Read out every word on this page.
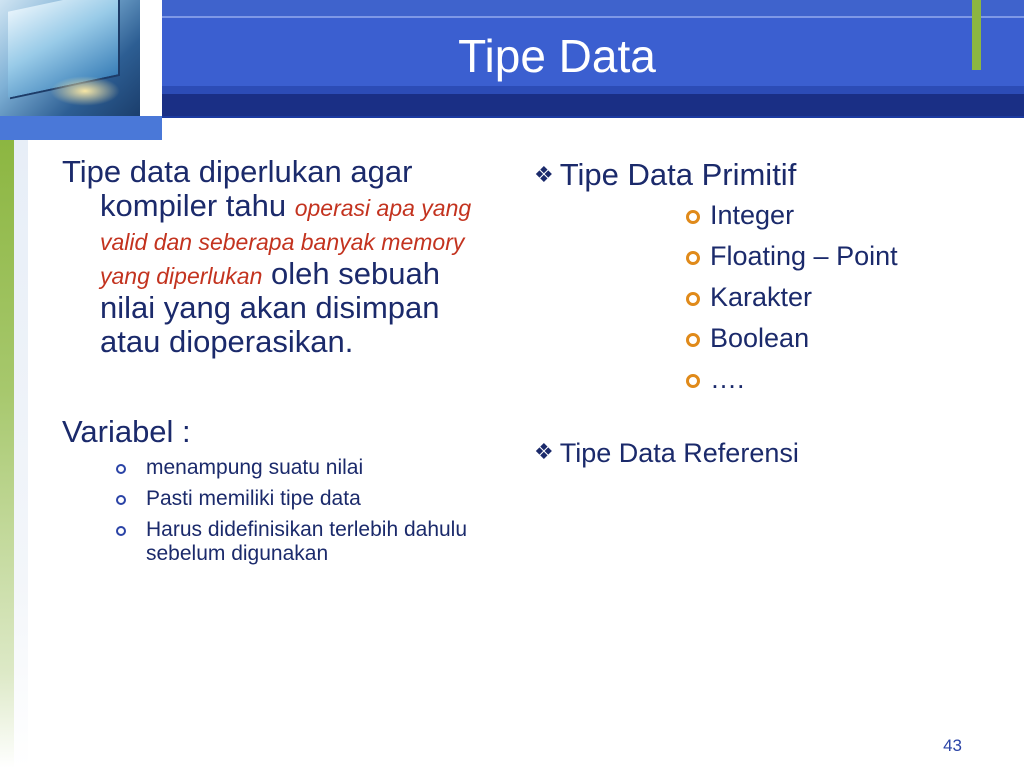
Tipe Data

Tipe data diperlukan agar kompiler tahu operasi apa yang valid dan seberapa banyak memory yang diperlukan oleh sebuah nilai yang akan disimpan atau dioperasikan.

Variabel :
menampung suatu nilai
Pasti memiliki tipe data
Harus didefinisikan terlebih dahulu sebelum digunakan

❖ Tipe Data Primitif

Integer
Floating – Point
Karakter
Boolean
….

❖ Tipe Data Referensi

43
